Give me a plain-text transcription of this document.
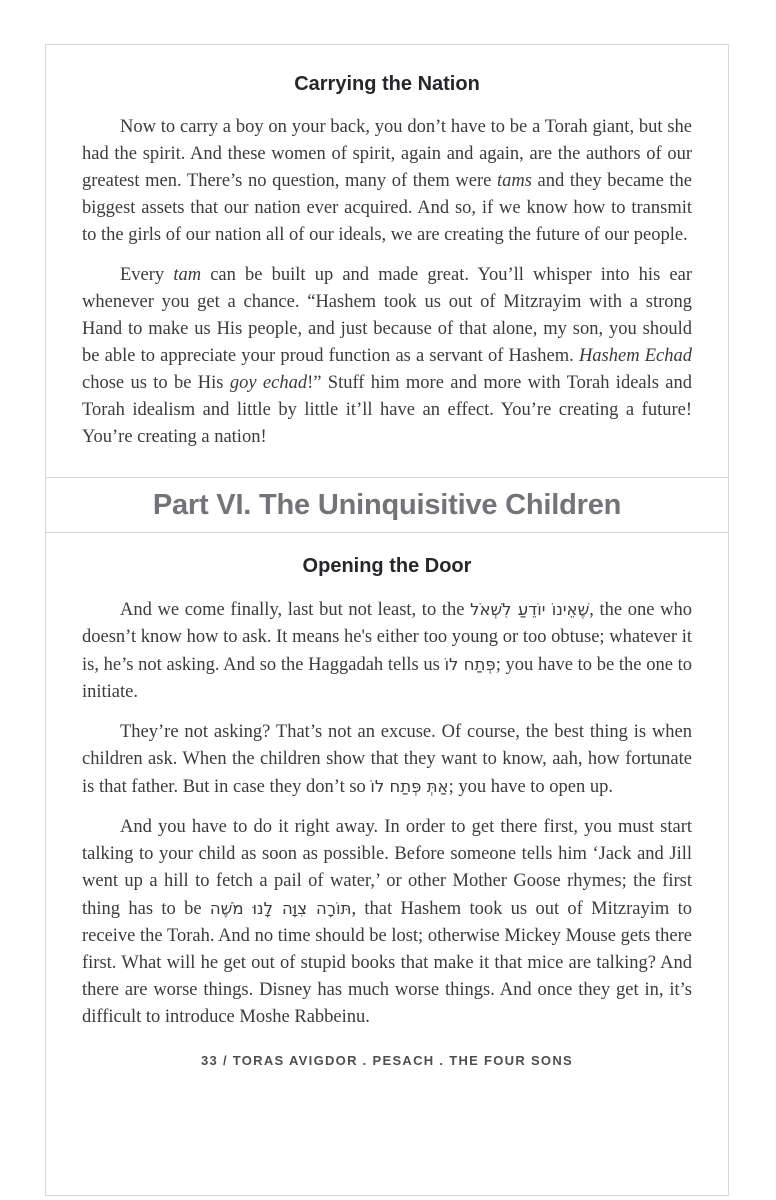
Carrying the Nation

Now to carry a boy on your back, you don’t have to be a Torah giant, but she had the spirit. And these women of spirit, again and again, are the authors of our greatest men. There’s no question, many of them were tams and they became the biggest assets that our nation ever acquired. And so, if we know how to transmit to the girls of our nation all of our ideals, we are creating the future of our people.

Every tam can be built up and made great. You’ll whisper into his ear whenever you get a chance. “Hashem took us out of Mitzrayim with a strong Hand to make us His people, and just because of that alone, my son, you should be able to appreciate your proud function as a servant of Hashem. Hashem Echad chose us to be His goy echad!” Stuff him more and more with Torah ideals and Torah idealism and little by little it’ll have an effect. You’re creating a future! You’re creating a nation!

Part VI. The Uninquisitive Children
Opening the Door

And we come finally, last but not least, to the שֶׁאֵינוֹ יוֹדֵעַ לִשְׁאֹל, the one who doesn’t know how to ask. It means he's either too young or too obtuse; whatever it is, he’s not asking. And so the Haggadah tells us פְּתַח לוֹ; you have to be the one to initiate.

They’re not asking? That’s not an excuse. Of course, the best thing is when children ask. When the children show that they want to know, aah, how fortunate is that father. But in case they don’t so אַתְּ פְּתַח לוֹ; you have to open up.

And you have to do it right away. In order to get there first, you must start talking to your child as soon as possible. Before someone tells him ‘Jack and Jill went up a hill to fetch a pail of water,’ or other Mother Goose rhymes; the first thing has to be תּוֹרָה צִוָּה לָנוּ מֹשֶׁה, that Hashem took us out of Mitzrayim to receive the Torah. And no time should be lost; otherwise Mickey Mouse gets there first. What will he get out of stupid books that make it that mice are talking? And there are worse things. Disney has much worse things. And once they get in, it’s difficult to introduce Moshe Rabbeinu.

33 / TORAS AVIGDOR . PESACH . THE FOUR SONS
